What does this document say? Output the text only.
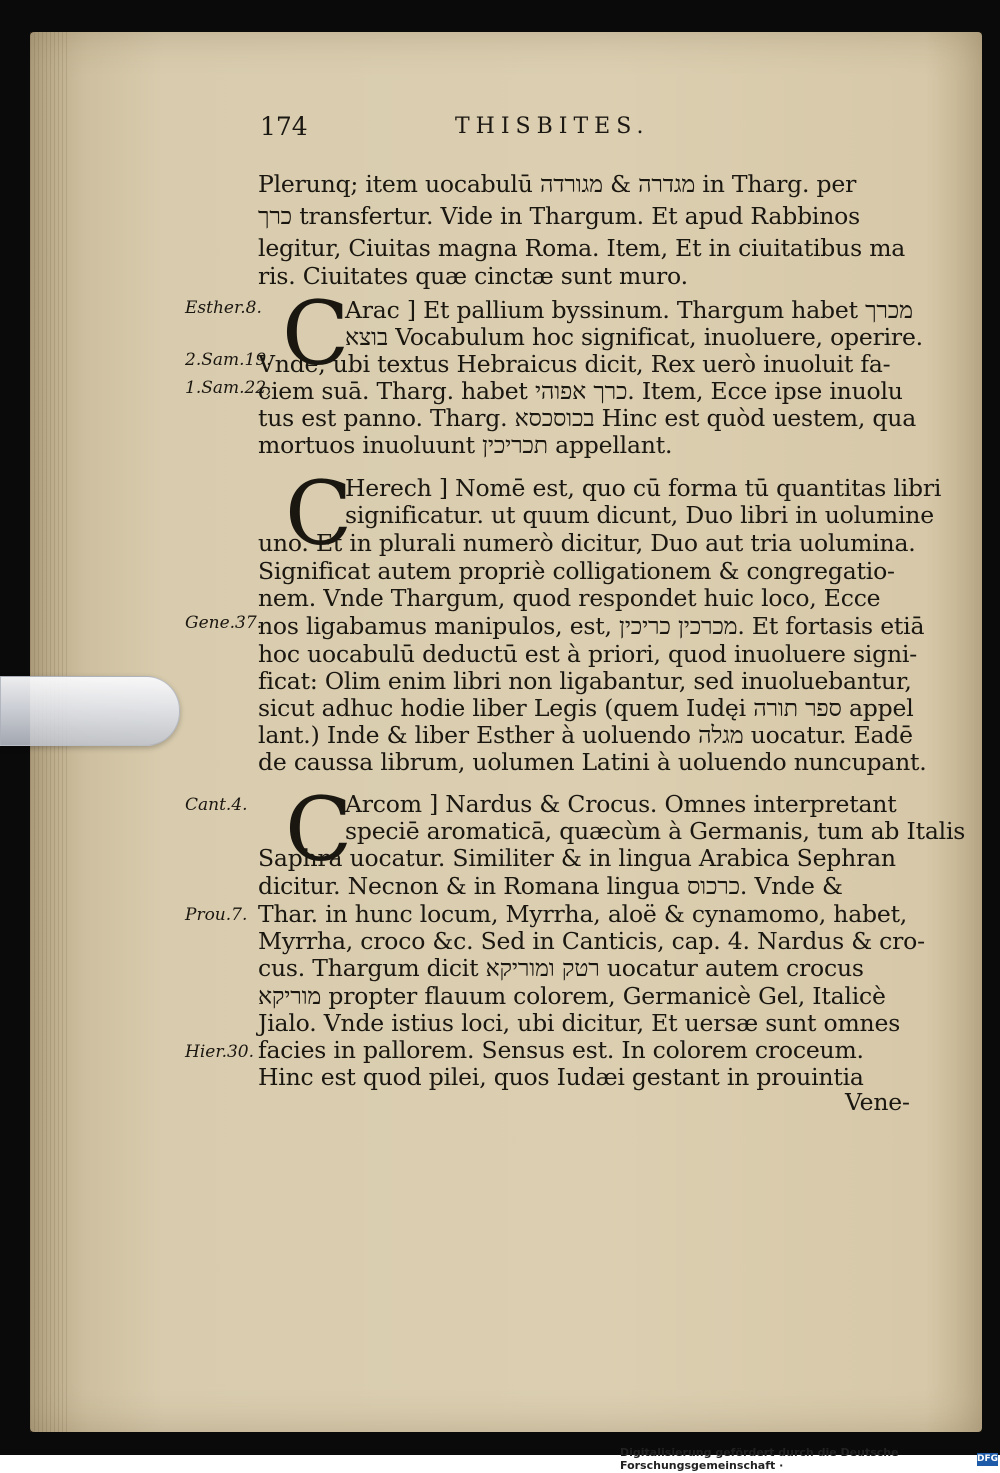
174	THISBITES.
Plerunq; item uocabulū מגדרה & מגורדה in Tharg. per
כרך transfertur. Vide in Thargum. Et apud Rabbinos
legitur, Ciuitas magna Roma. Item, Et in ciuitatibus ma
ris. Ciuitates quæ cinctæ sunt muro.
C
Arac ] Et pallium byssinum. Thargum habet מכרך
בוצא Vocabulum hoc significat, inuoluere, operire.
Vnde, ubi textus Hebraicus dicit, Rex uerò inuoluit fa-
ciem suā. Tharg. habet כרך אפוהי. Item, Ecce ipse inuolu
tus est panno. Tharg. בכוסכסא Hinc est quòd uestem, qua
mortuos inuoluunt תכריכין appellant.
C
Herech ] Nomē est, quo cū forma tū quantitas libri
significatur. ut quum dicunt, Duo libri in uolumine
uno. Et in plurali numerò dicitur, Duo aut tria uolumina.
Significat autem propriè colligationem & congregatio-
nem. Vnde Thargum, quod respondet huic loco, Ecce
nos ligabamus manipulos, est, מכרכין כריכין. Et fortasis etiā
hoc uocabulū deductū est à priori, quod inuoluere signi-
ficat: Olim enim libri non ligabantur, sed inuoluebantur,
sicut adhuc hodie liber Legis (quem Iudęi ספר תורה appel
lant.) Inde & liber Esther à uoluendo מגלה uocatur. Eadē
de caussa librum, uolumen Latini à uoluendo nuncupant.
C
Arcom ] Nardus & Crocus. Omnes interpretant
speciē aromaticā, quæcùm à Germanis, tum ab Italis
Saphra uocatur. Similiter & in lingua Arabica Sephran
dicitur. Necnon & in Romana lingua כרכוס. Vnde &
Thar. in hunc locum, Myrrha, aloë & cynamomo, habet,
Myrrha, croco &c. Sed in Canticis, cap. 4. Nardus & cro-
cus. Thargum dicit רטק ומוריקא uocatur autem crocus
מוריקא propter flauum colorem, Germanicè Gel, Italicè
Jialo. Vnde istius loci, ubi dicitur, Et uersæ sunt omnes
facies in pallorem. Sensus est. In colorem croceum.
Hinc est quod pilei, quos Iudæi gestant in prouintia
Vene-
Esther.8.
2.Sam.19.
1.Sam.22,
Gene.37.
Cant.4.
Prou.7.
Hier.30.
Digitalisierung gefördert durch die Deutsche Forschungsgemeinschaft ·	DFG
